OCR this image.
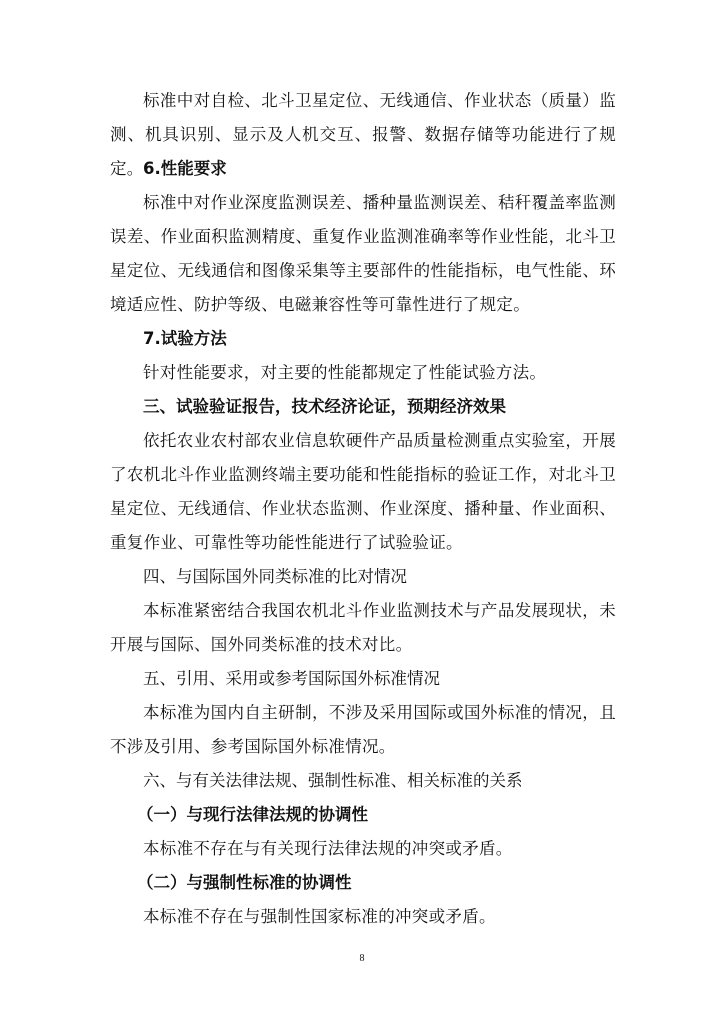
标准中对自检、北斗卫星定位、无线通信、作业状态（质量）监测、机具识别、显示及人机交互、报警、数据存储等功能进行了规定。 6.性能要求

标准中对作业深度监测误差、播种量监测误差、秸秆覆盖率监测误差、作业面积监测精度、重复作业监测准确率等作业性能，北斗卫星定位、无线通信和图像采集等主要部件的性能指标，电气性能、环境适应性、防护等级、电磁兼容性等可靠性进行了规定。

7.试验方法

针对性能要求，对主要的性能都规定了性能试验方法。

三、试验验证报告，技术经济论证，预期经济效果

依托农业农村部农业信息软硬件产品质量检测重点实验室，开展了农机北斗作业监测终端主要功能和性能指标的验证工作，对北斗卫星定位、无线通信、作业状态监测、作业深度、播种量、作业面积、重复作业、可靠性等功能性能进行了试验验证。

四、与国际国外同类标准的比对情况

本标准紧密结合我国农机北斗作业监测技术与产品发展现状，未开展与国际、国外同类标准的技术对比。

五、引用、采用或参考国际国外标准情况

本标准为国内自主研制，不涉及采用国际或国外标准的情况，且不涉及引用、参考国际国外标准情况。

六、与有关法律法规、强制性标准、相关标准的关系

（一）与现行法律法规的协调性

本标准不存在与有关现行法律法规的冲突或矛盾。

（二）与强制性标准的协调性

本标准不存在与强制性国家标准的冲突或矛盾。

8
